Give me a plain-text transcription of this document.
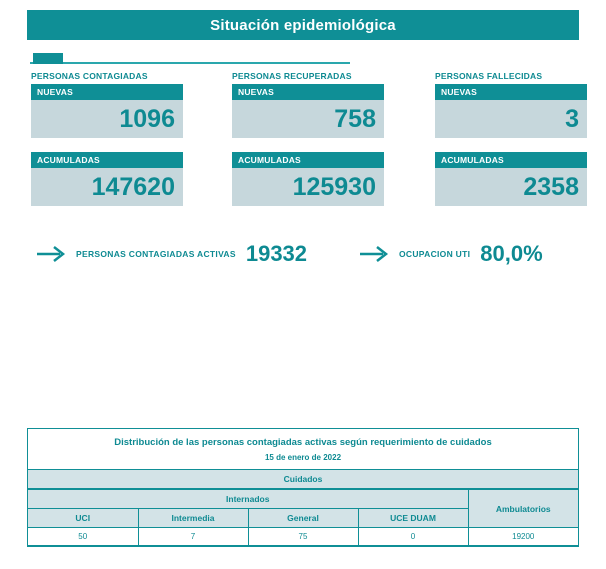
Situación epidemiológica
PERSONAS CONTAGIADAS
NUEVAS
1096
ACUMULADAS
147620
PERSONAS RECUPERADAS
NUEVAS
758
ACUMULADAS
125930
PERSONAS FALLECIDAS
NUEVAS
3
ACUMULADAS
2358
PERSONAS CONTAGIADAS ACTIVAS 19332	OCUPACION UTI 80,0%
Distribución de las personas contagiadas activas según requerimiento de cuidados
15 de enero de 2022
Cuidados
Internados				Ambulatorios
UCI	Intermedia	General	UCE DUAM	
50	7	75	0	19200
